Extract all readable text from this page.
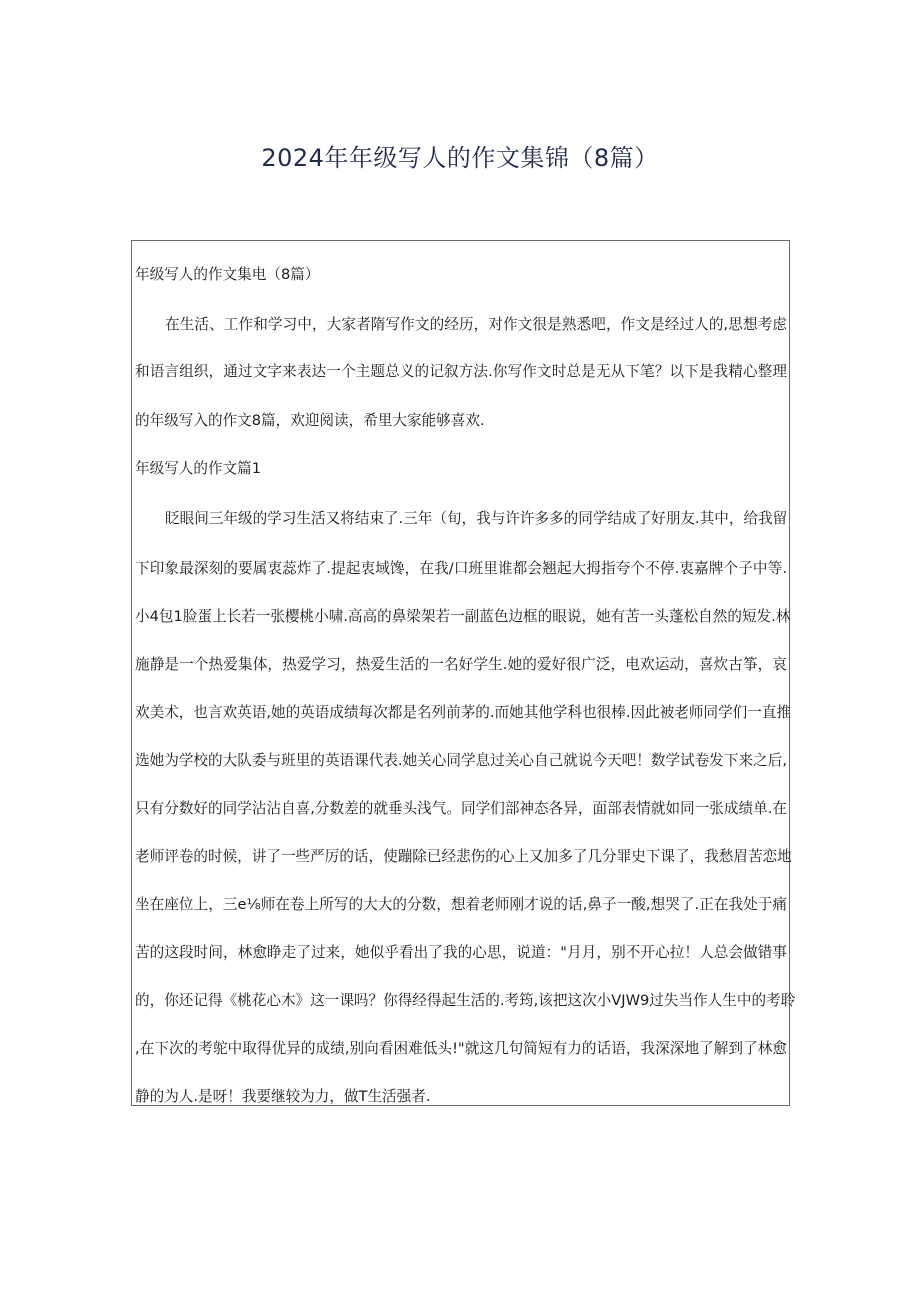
2024年年级写人的作文集锦（8篇）
年级写人的作文集电（8篇）
在生活、工作和学习中，大家者隋写作文的经历，对作文很是熟悉吧，作文是经过人的,思想考虑
和语言组织，通过文字来表达一个主题总义的记叙方法.你写作文时总是无从下笔？以下是我精心整理
的年级写入的作文8篇，欢迎阅读，希里大家能够喜欢.
年级写人的作文篇1
眨眼间三年级的学习生活又将结束了.三年（旬，我与许许多多的同学结成了好朋友.其中，给我留
下印象最深刻的要属衷蕊炸了.提起衷域馋，在我/口班里谁都会翘起大拇指夸个不停.衷嘉牌个子中等.
小4包1脸蛋上长若一张樱桃小啸.高高的鼻梁架若一副蓝色边框的眼说，她有苦一头蓬松自然的短发.林
施静是一个热爱集体，热爱学习，热爱生活的一名好学生.她的爱好很广泛，电欢运动，喜炊古筝，哀
欢美术，也言欢英语,她的英语成绩每次都是名列前茅的.而她其他学科也很棒.因此被老师同学们一直推
选她为学校的大队委与班里的英语课代表.她关心同学息过关心自己就说今天吧！数学试卷发下来之后,
只有分数好的同学沾沾自喜,分数差的就垂头浅气。同学们部神态各异，面部表情就如同一张成绩单.在
老师评卷的时候，讲了一些严厉的话，使蹦除已经悲伤的心上又加多了几分罪史下课了，我愁眉苦恋地
坐在座位上，三e⅛师在卷上所写的大大的分数，想着老师刚才说的话,鼻子一酸,想哭了.正在我处于痛
苦的这段时间，林愈睁走了过来，她似乎看出了我的心思，说道："月月，别不开心拉！人总会做错事
的，你还记得《桃花心木》这一课吗？你得经得起生活的.考筠,该把这次小VJW9过失当作人生中的考聆
,在下次的考鸵中取得优异的成绩,别向看困难低头!"就这几句简短有力的话语，我深深地了解到了林愈
静的为人.是呀！我要继较为力，做T生活强者.
